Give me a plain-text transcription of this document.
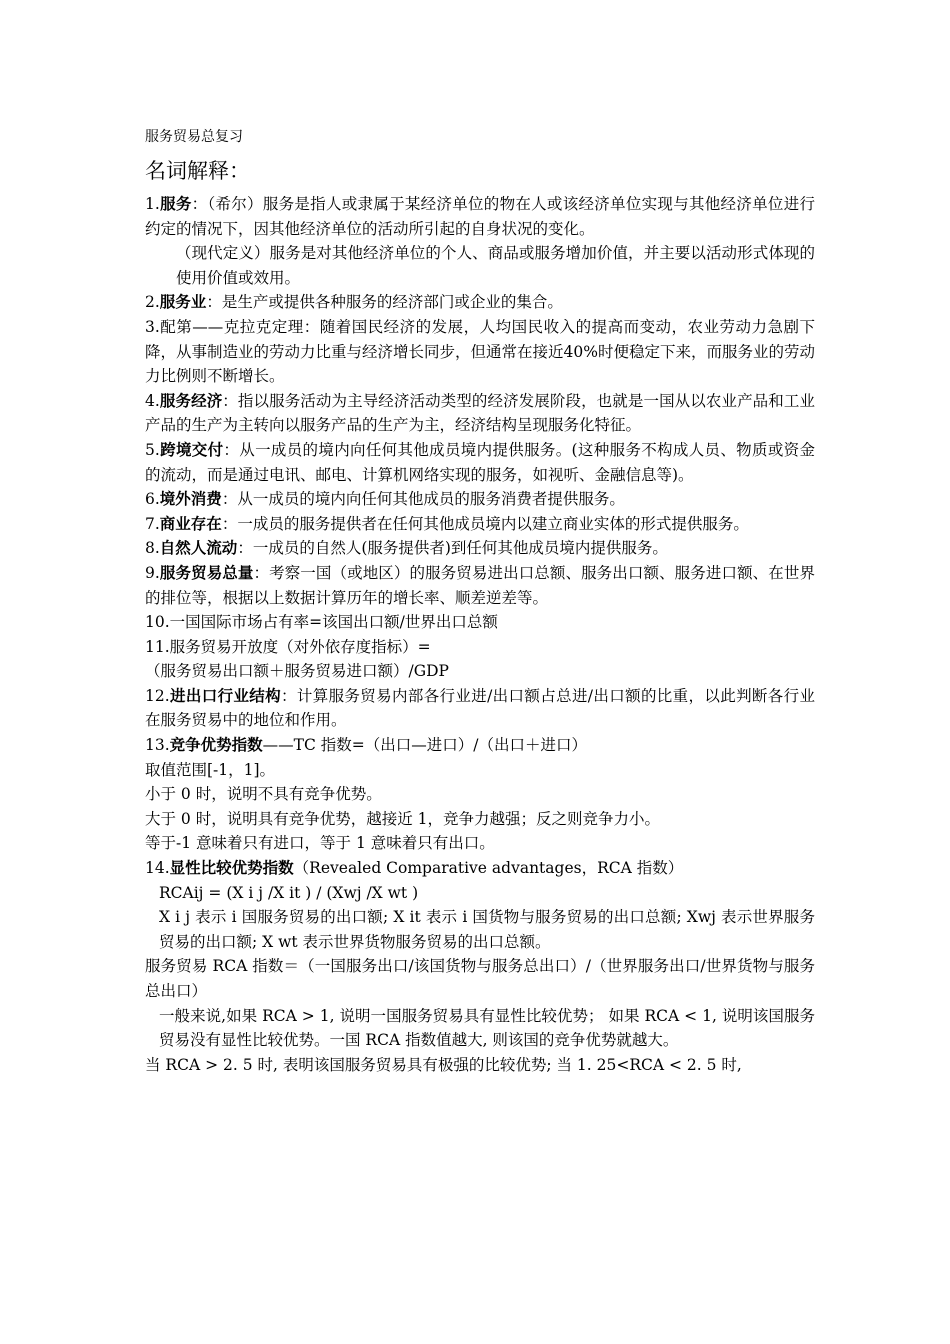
服务贸易总复习
名词解释：

1.服务：（希尔）服务是指人或隶属于某经济单位的物在人或该经济单位实现与其他经济单位进行约定的情况下，因其他经济单位的活动所引起的自身状况的变化。

（现代定义）服务是对其他经济单位的个人、商品或服务增加价值，并主要以活动形式体现的使用价值或效用。

2.服务业：是生产或提供各种服务的经济部门或企业的集合。

3.配第——克拉克定理：随着国民经济的发展，人均国民收入的提高而变动，农业劳动力急剧下降，从事制造业的劳动力比重与经济增长同步，但通常在接近40%时便稳定下来，而服务业的劳动力比例则不断增长。

4.服务经济：指以服务活动为主导经济活动类型的经济发展阶段，也就是一国从以农业产品和工业产品的生产为主转向以服务产品的生产为主，经济结构呈现服务化特征。

5.跨境交付：从一成员的境内向任何其他成员境内提供服务。(这种服务不构成人员、物质或资金的流动，而是通过电讯、邮电、计算机网络实现的服务，如视听、金融信息等)。

6.境外消费：从一成员的境内向任何其他成员的服务消费者提供服务。

7.商业存在：一成员的服务提供者在任何其他成员境内以建立商业实体的形式提供服务。

8.自然人流动：一成员的自然人(服务提供者)到任何其他成员境内提供服务。

9.服务贸易总量：考察一国（或地区）的服务贸易进出口总额、服务出口额、服务进口额、在世界的排位等，根据以上数据计算历年的增长率、顺差逆差等。

10.一国国际市场占有率=该国出口额/世界出口总额

11.服务贸易开放度（对外依存度指标）=

（服务贸易出口额＋服务贸易进口额）/GDP

12.进出口行业结构：计算服务贸易内部各行业进/出口额占总进/出口额的比重，以此判断各行业在服务贸易中的地位和作用。

13.竞争优势指数——TC 指数=（出口—进口）/（出口＋进口）

取值范围[-1，1]。

小于 0 时，说明不具有竞争优势。

大于 0 时，说明具有竞争优势，越接近 1，竞争力越强；反之则竞争力小。

等于-1 意味着只有进口，等于 1 意味着只有出口。

14.显性比较优势指数（Revealed Comparative advantages，RCA 指数）

RCAij = (X i j /X it ) / (Xwj /X wt )

X i j 表示 i 国服务贸易的出口额; X it 表示 i 国货物与服务贸易的出口总额; Xwj 表示世界服务贸易的出口额; X wt 表示世界货物服务贸易的出口总额。

服务贸易 RCA 指数＝（一国服务出口/该国货物与服务总出口）/（世界服务出口/世界货物与服务总出口）

一般来说,如果 RCA > 1, 说明一国服务贸易具有显性比较优势； 如果 RCA < 1, 说明该国服务贸易没有显性比较优势。一国 RCA 指数值越大, 则该国的竞争优势就越大。

当 RCA > 2. 5 时, 表明该国服务贸易具有极强的比较优势; 当 1. 25<RCA < 2. 5 时,
